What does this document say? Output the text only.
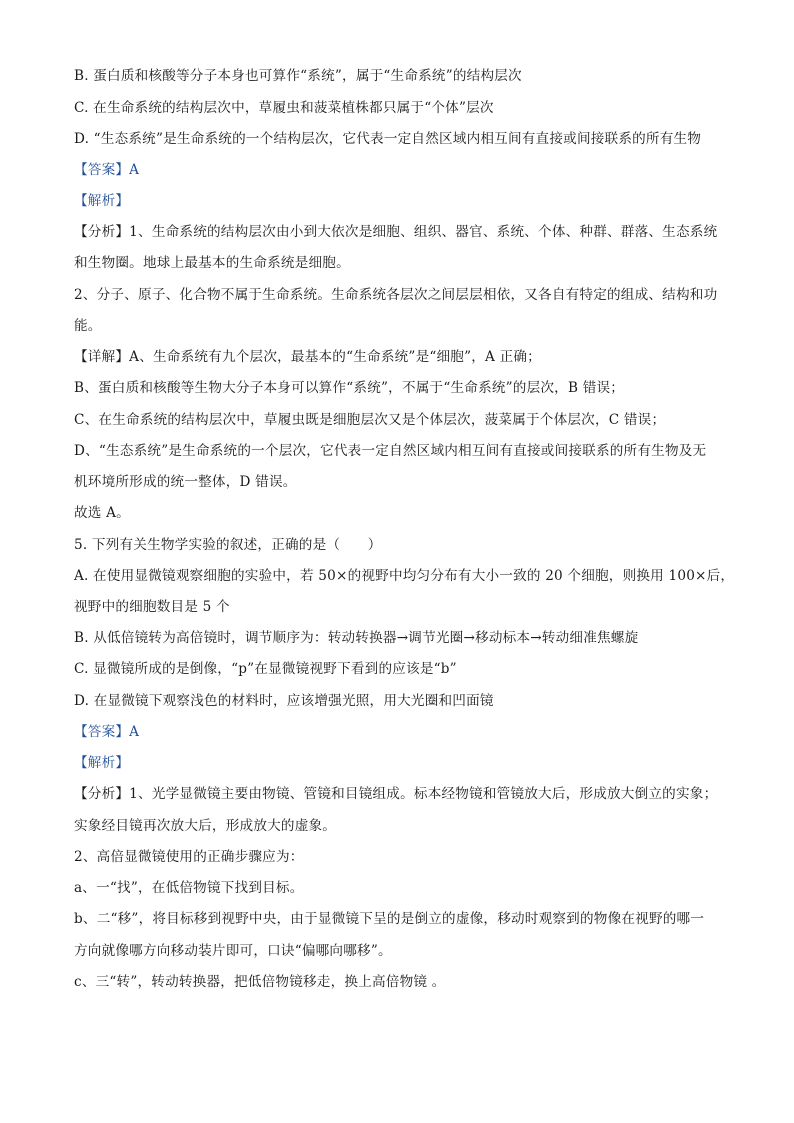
B. 蛋白质和核酸等分子本身也可算作“系统”，属于“生命系统”的结构层次
C. 在生命系统的结构层次中，草履虫和菠菜植株都只属于“个体”层次
D. “生态系统”是生命系统的一个结构层次，它代表一定自然区域内相互间有直接或间接联系的所有生物
【答案】A
【解析】
【分析】1、生命系统的结构层次由小到大依次是细胞、组织、器官、系统、个体、种群、群落、生态系统
和生物圈。地球上最基本的生命系统是细胞。
2、分子、原子、化合物不属于生命系统。生命系统各层次之间层层相依，又各自有特定的组成、结构和功
能。
【详解】A、生命系统有九个层次，最基本的“生命系统”是“细胞”，A 正确；
B、蛋白质和核酸等生物大分子本身可以算作“系统”，不属于“生命系统”的层次，B 错误；
C、在生命系统的结构层次中，草履虫既是细胞层次又是个体层次，菠菜属于个体层次，C 错误；
D、“生态系统”是生命系统的一个层次，它代表一定自然区域内相互间有直接或间接联系的所有生物及无
机环境所形成的统一整体，D 错误。
故选 A。
5. 下列有关生物学实验的叙述，正确的是（　　）
A. 在使用显微镜观察细胞的实验中，若 50×的视野中均匀分布有大小一致的 20 个细胞，则换用 100×后，
视野中的细胞数目是 5 个
B. 从低倍镜转为高倍镜时，调节顺序为：转动转换器→调节光圈→移动标本→转动细准焦螺旋
C. 显微镜所成的是倒像，“p”在显微镜视野下看到的应该是“b”
D. 在显微镜下观察浅色的材料时，应该增强光照，用大光圈和凹面镜
【答案】A
【解析】
【分析】1、光学显微镜主要由物镜、管镜和目镜组成。标本经物镜和管镜放大后，形成放大倒立的实象；
实象经目镜再次放大后，形成放大的虚象。
2、高倍显微镜使用的正确步骤应为：
a、一“找”，在低倍物镜下找到目标。
b、二“移”，将目标移到视野中央，由于显微镜下呈的是倒立的虚像，移动时观察到的物像在视野的哪一
方向就像哪方向移动装片即可，口诀“偏哪向哪移”。
c、三“转”，转动转换器，把低倍物镜移走，换上高倍物镜 。
